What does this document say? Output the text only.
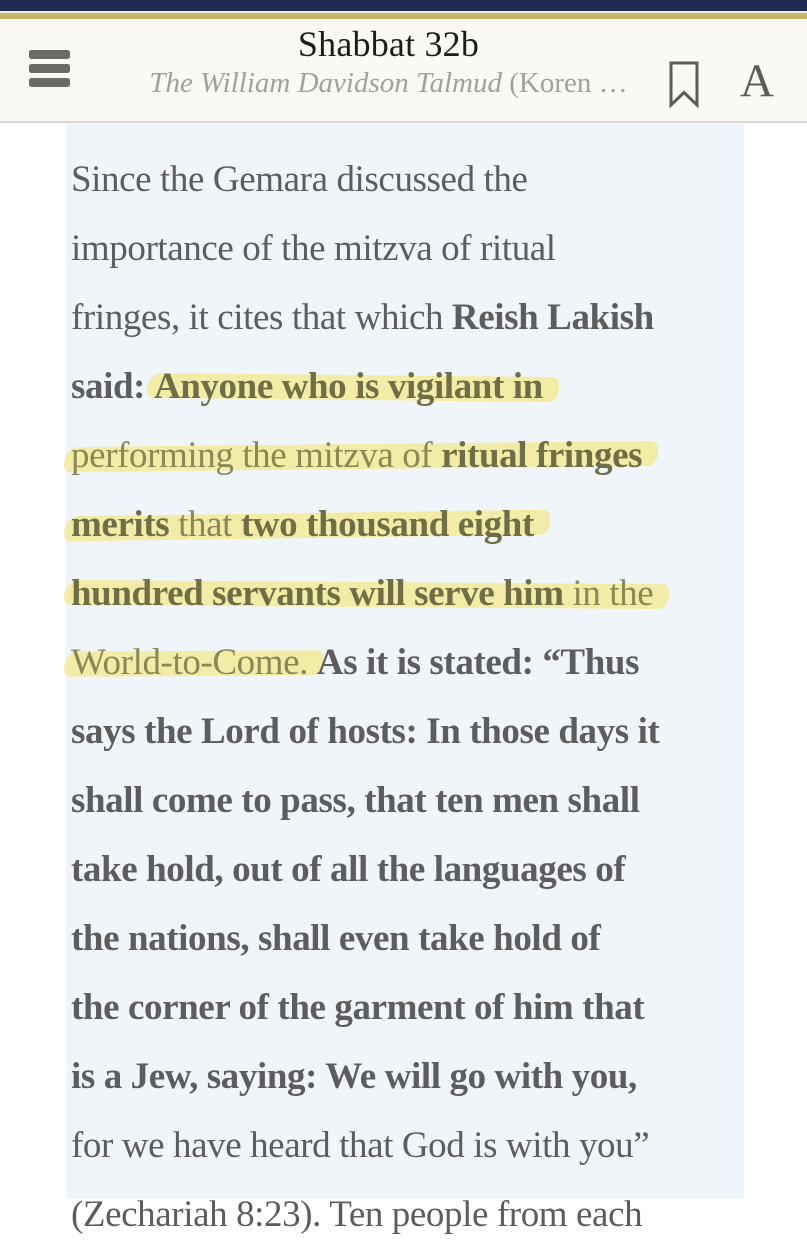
Shabbat 32b
The William Davidson Talmud (Koren …	A
Since the Gemara discussed the
importance of the mitzva of ritual
fringes, it cites that which Reish Lakish
said: Anyone who is vigilant in
performing the mitzva of ritual fringes
merits that two thousand eight
hundred servants will serve him in the
World-to-Come. As it is stated: “Thus
says the Lord of hosts: In those days it
shall come to pass, that ten men shall
take hold, out of all the languages of
the nations, shall even take hold of
the corner of the garment of him that
is a Jew, saying: We will go with you,
for we have heard that God is with you”
(Zechariah 8:23). Ten people from each
